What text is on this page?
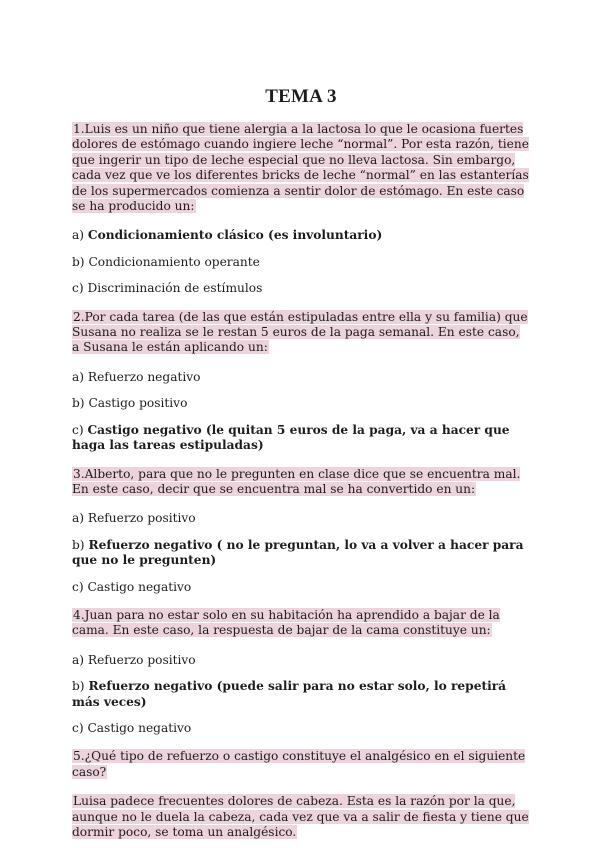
TEMA 3
1.Luis es un niño que tiene alergia a la lactosa lo que le ocasiona fuertes dolores de estómago cuando ingiere leche “normal”. Por esta razón, tiene que ingerir un tipo de leche especial que no lleva lactosa. Sin embargo, cada vez que ve los diferentes bricks de leche “normal” en las estanterías de los supermercados comienza a sentir dolor de estómago. En este caso se ha producido un:
a) Condicionamiento clásico (es involuntario)
b) Condicionamiento operante
c) Discriminación de estímulos
2.Por cada tarea (de las que están estipuladas entre ella y su familia) que Susana no realiza se le restan 5 euros de la paga semanal. En este caso, a Susana le están aplicando un:
a) Refuerzo negativo
b) Castigo positivo
c) Castigo negativo (le quitan 5 euros de la paga, va a hacer que haga las tareas estipuladas)
3.Alberto, para que no le pregunten en clase dice que se encuentra mal. En este caso, decir que se encuentra mal se ha convertido en un:
a) Refuerzo positivo
b) Refuerzo negativo ( no le preguntan, lo va a volver a hacer para que no le pregunten)
c) Castigo negativo
4.Juan para no estar solo en su habitación ha aprendido a bajar de la cama. En este caso, la respuesta de bajar de la cama constituye un:
a) Refuerzo positivo
b) Refuerzo negativo (puede salir para no estar solo, lo repetirá más veces)
c) Castigo negativo
5.¿Qué tipo de refuerzo o castigo constituye el analgésico en el siguiente caso?
Luisa padece frecuentes dolores de cabeza. Esta es la razón por la que, aunque no le duela la cabeza, cada vez que va a salir de fiesta y tiene que dormir poco, se toma un analgésico.
